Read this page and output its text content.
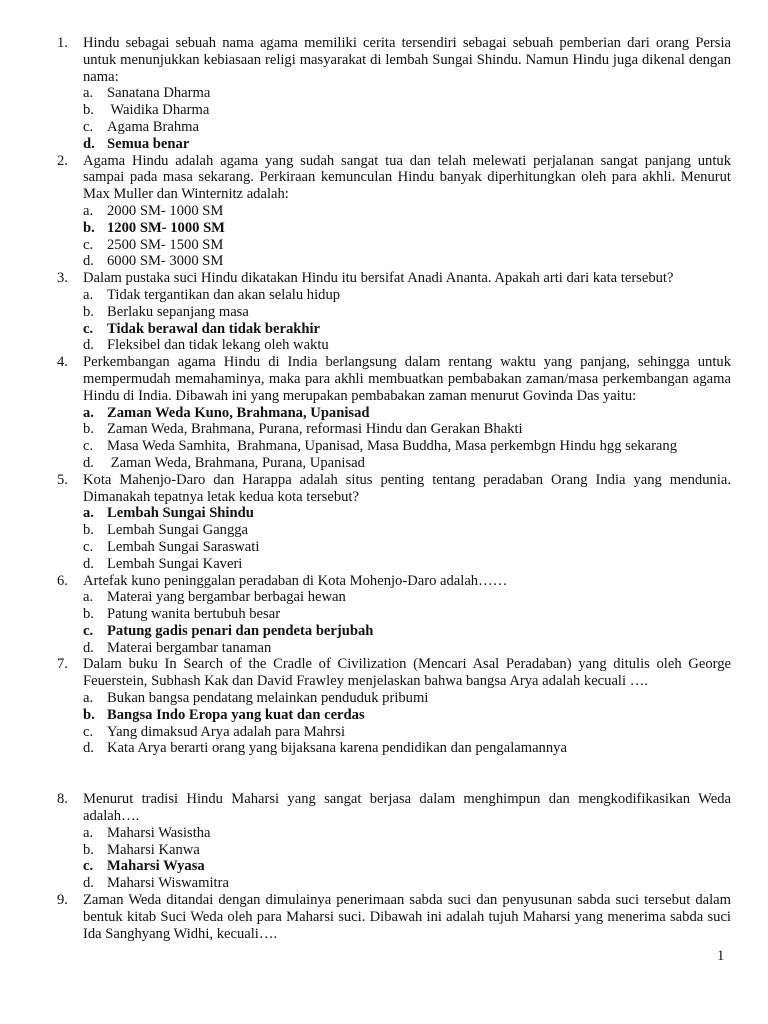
1. Hindu sebagai sebuah nama agama memiliki cerita tersendiri sebagai sebuah pemberian dari orang Persia untuk menunjukkan kebiasaan religi masyarakat di lembah Sungai Shindu. Namun Hindu juga dikenal dengan nama:
a. Sanatana Dharma
b. Waidika Dharma
c. Agama Brahma
d. Semua benar
2. Agama Hindu adalah agama yang sudah sangat tua dan telah melewati perjalanan sangat panjang untuk sampai pada masa sekarang. Perkiraan kemunculan Hindu banyak diperhitungkan oleh para akhli. Menurut Max Muller dan Winternitz adalah:
a. 2000 SM- 1000 SM
b. 1200 SM- 1000 SM
c. 2500 SM- 1500 SM
d. 6000 SM- 3000 SM
3. Dalam pustaka suci Hindu dikatakan Hindu itu bersifat Anadi Ananta. Apakah arti dari kata tersebut?
a. Tidak tergantikan dan akan selalu hidup
b. Berlaku sepanjang masa
c. Tidak berawal dan tidak berakhir
d. Fleksibel dan tidak lekang oleh waktu
4. Perkembangan agama Hindu di India berlangsung dalam rentang waktu yang panjang, sehingga untuk mempermudah memahaminya, maka para akhli membuatkan pembabakan zaman/masa perkembangan agama Hindu di India. Dibawah ini yang merupakan pembabakan zaman menurut Govinda Das yaitu:
a. Zaman Weda Kuno, Brahmana, Upanisad
b. Zaman Weda, Brahmana, Purana, reformasi Hindu dan Gerakan Bhakti
c. Masa Weda Samhita,  Brahmana, Upanisad, Masa Buddha, Masa perkembgn Hindu hgg sekarang
d. Zaman Weda, Brahmana, Purana, Upanisad
5. Kota Mahenjo-Daro dan Harappa adalah situs penting tentang peradaban Orang India yang mendunia. Dimanakah tepatnya letak kedua kota tersebut?
a. Lembah Sungai Shindu
b. Lembah Sungai Gangga
c. Lembah Sungai Saraswati
d. Lembah Sungai Kaveri
6. Artefak kuno peninggalan peradaban di Kota Mohenjo-Daro adalah……
a. Materai yang bergambar berbagai hewan
b. Patung wanita bertubuh besar
c. Patung gadis penari dan pendeta berjubah
d. Materai bergambar tanaman
7. Dalam buku In Search of the Cradle of Civilization (Mencari Asal Peradaban) yang ditulis oleh George Feuerstein, Subhash Kak dan David Frawley menjelaskan bahwa bangsa Arya adalah kecuali ….
a. Bukan bangsa pendatang melainkan penduduk pribumi
b. Bangsa Indo Eropa yang kuat dan cerdas
c. Yang dimaksud Arya adalah para Mahrsi
d. Kata Arya berarti orang yang bijaksana karena pendidikan dan pengalamannya
8. Menurut tradisi Hindu Maharsi yang sangat berjasa dalam menghimpun dan mengkodifikasikan Weda adalah….
a. Maharsi Wasistha
b. Maharsi Kanwa
c. Maharsi Wyasa
d. Maharsi Wiswamitra
9. Zaman Weda ditandai dengan dimulainya penerimaan sabda suci dan penyusunan sabda suci tersebut dalam bentuk kitab Suci Weda oleh para Maharsi suci. Dibawah ini adalah tujuh Maharsi yang menerima sabda suci Ida Sanghyang Widhi, kecuali….
1
